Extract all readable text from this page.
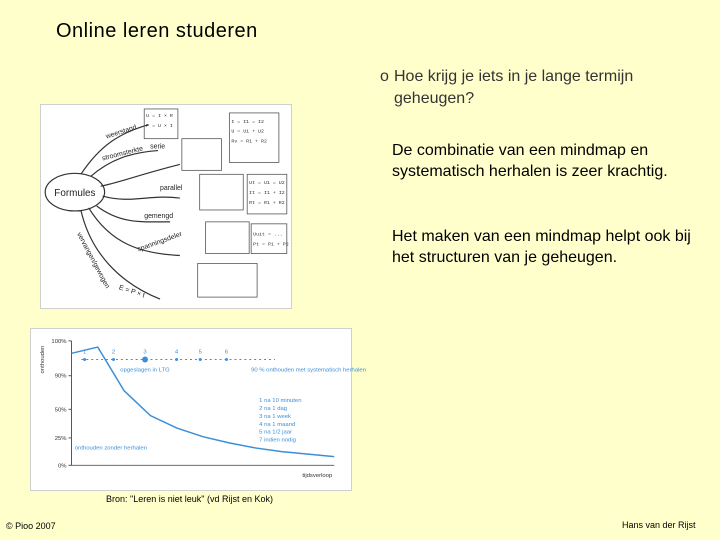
Online leren studeren
o Hoe krijg je iets in je lange termijn geheugen?
De combinatie van een mindmap en systematisch herhalen is zeer krachtig.
Het maken van een mindmap helpt ook bij het structuren van je geheugen.
Formules
weerstand
stroomsterkte serie
parallel
gemengd
vervangen/gewogen	spanningsdeler
U = I × R
P = U × I
I = I1 = I2
U = U1 + U2
Rv = R1 + R2
Ut = U1 = U2
It = I1 + I2
Rt = R1 + R2
Uuit = ...
Pt = P1 + P2
E = P × t
100%
90%
50%
25%
0%
onthouden
tijdsverloop
1	2	3	4	5	6
opgeslagen in LTG	90 % onthouden met systematisch herhalen
1 na 10 minuten
2 na 1 dag
3 na 1 week
4 na 1 maand
5 na 1/2 jaar
7 indien nodig
onthouden zonder herhalen
Bron: "Leren is niet leuk" (vd Rijst en Kok)
© Pioo 2007	Hans van der Rijst
